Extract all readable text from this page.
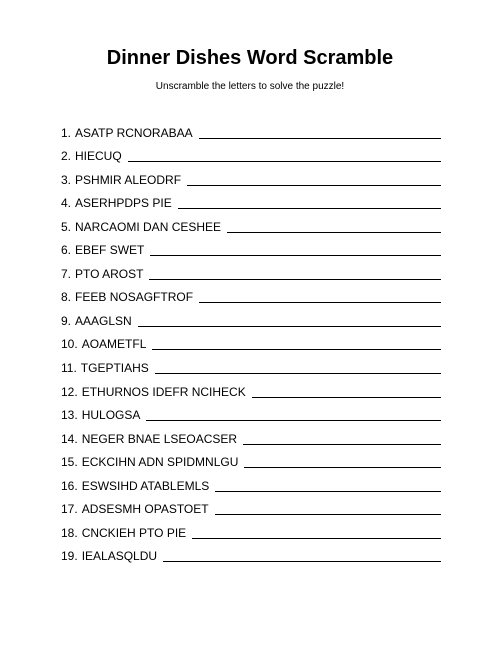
Dinner Dishes Word Scramble

Unscramble the letters to solve the puzzle!

1. ASATP RCNORABAA
2. HIECUQ
3. PSHMIR ALEODRF
4. ASERHPDPS PIE
5. NARCAOMI DAN CESHEE
6. EBEF SWET
7. PTO AROST
8. FEEB NOSAGFTROF
9. AAAGLSN
10. AOAMETFL
11. TGEPTIAHS
12. ETHURNOS IDEFR NCIHECK
13. HULOGSA
14. NEGER BNAE LSEOACSER
15. ECKCIHN ADN SPIDMNLGU
16. ESWSIHD ATABLEMLS
17. ADSESMH OPASTOET
18. CNCKIEH PTO PIE
19. IEALASQLDU
